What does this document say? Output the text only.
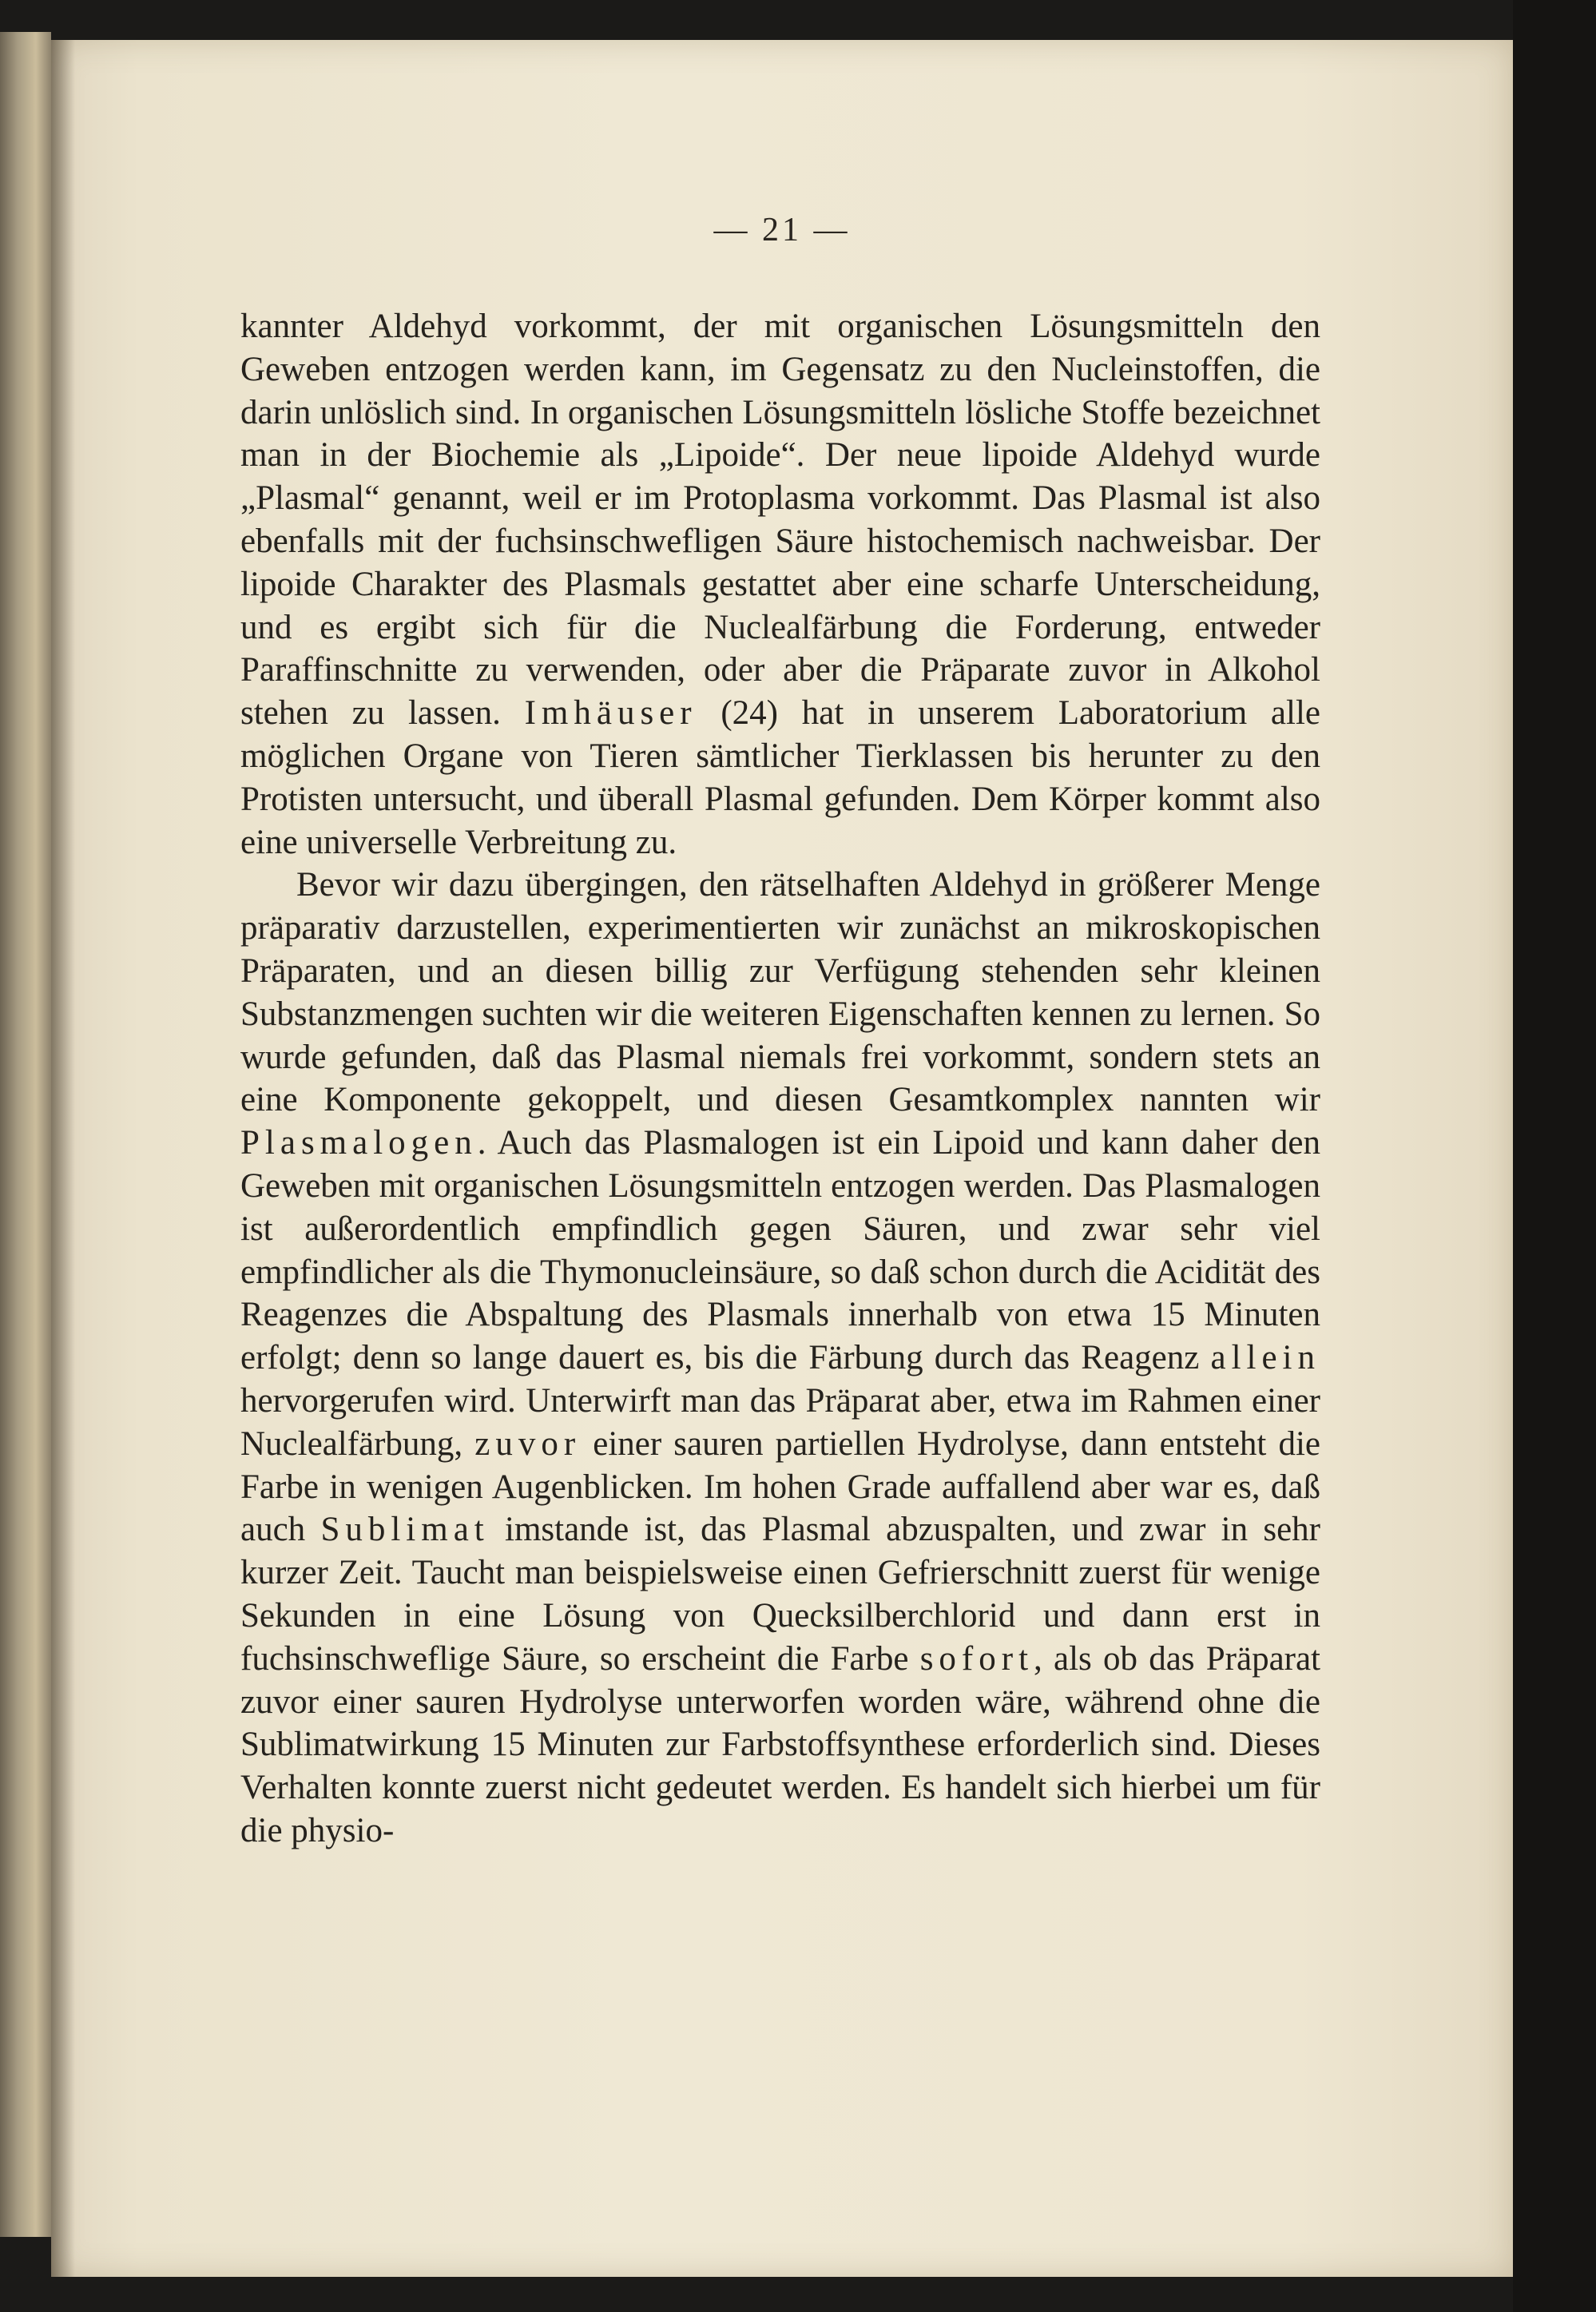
— 21 —

kannter Aldehyd vorkommt, der mit organischen Lösungsmitteln den Geweben entzogen werden kann, im Gegensatz zu den Nucleinstoffen, die darin unlöslich sind. In organischen Lösungsmitteln lösliche Stoffe bezeichnet man in der Biochemie als „Lipoide“. Der neue lipoide Aldehyd wurde „Plasmal“ genannt, weil er im Protoplasma vorkommt. Das Plasmal ist also ebenfalls mit der fuchsinschwefligen Säure histochemisch nachweisbar. Der lipoide Charakter des Plasmals gestattet aber eine scharfe Unterscheidung, und es ergibt sich für die Nuclealfärbung die Forderung, entweder Paraffinschnitte zu verwenden, oder aber die Präparate zuvor in Alkohol stehen zu lassen. Imhäuser (24) hat in unserem Laboratorium alle möglichen Organe von Tieren sämtlicher Tierklassen bis herunter zu den Protisten untersucht, und überall Plasmal gefunden. Dem Körper kommt also eine universelle Verbreitung zu.

Bevor wir dazu übergingen, den rätselhaften Aldehyd in größerer Menge präparativ darzustellen, experimentierten wir zunächst an mikroskopischen Präparaten, und an diesen billig zur Verfügung stehenden sehr kleinen Substanzmengen suchten wir die weiteren Eigenschaften kennen zu lernen. So wurde gefunden, daß das Plasmal niemals frei vorkommt, sondern stets an eine Komponente gekoppelt, und diesen Gesamtkomplex nannten wir Plasmalogen. Auch das Plasmalogen ist ein Lipoid und kann daher den Geweben mit organischen Lösungsmitteln entzogen werden. Das Plasmalogen ist außerordentlich empfindlich gegen Säuren, und zwar sehr viel empfindlicher als die Thymonucleinsäure, so daß schon durch die Acidität des Reagenzes die Abspaltung des Plasmals innerhalb von etwa 15 Minuten erfolgt; denn so lange dauert es, bis die Färbung durch das Reagenz allein hervorgerufen wird. Unterwirft man das Präparat aber, etwa im Rahmen einer Nuclealfärbung, zuvor einer sauren partiellen Hydrolyse, dann entsteht die Farbe in wenigen Augenblicken. Im hohen Grade auffallend aber war es, daß auch Sublimat imstande ist, das Plasmal abzuspalten, und zwar in sehr kurzer Zeit. Taucht man beispielsweise einen Gefrierschnitt zuerst für wenige Sekunden in eine Lösung von Quecksilberchlorid und dann erst in fuchsinschweflige Säure, so erscheint die Farbe sofort, als ob das Präparat zuvor einer sauren Hydrolyse unterworfen worden wäre, während ohne die Sublimatwirkung 15 Minuten zur Farbstoffsynthese erforderlich sind. Dieses Verhalten konnte zuerst nicht gedeutet werden. Es handelt sich hierbei um für die physio-
